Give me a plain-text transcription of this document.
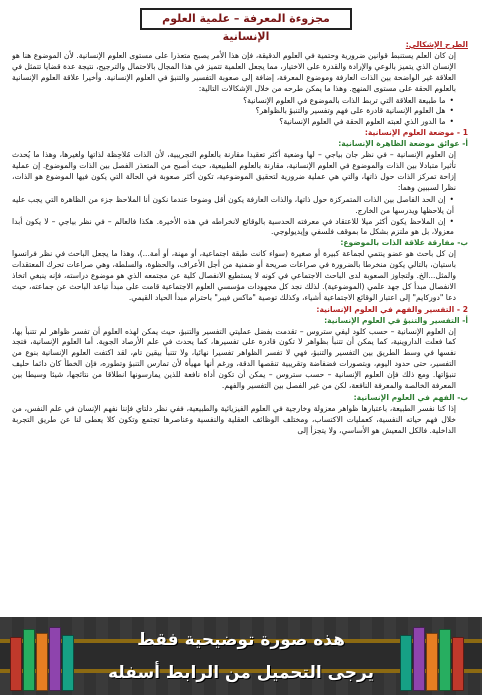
مجزوءة المعرفة – علمية العلوم الإنسانية
الطرح الإشكالي:

إن كان العلم يستنبط قوانين ضرورية وحتمية في العلوم الدقيقة، فإن هذا الأمر يصبح متعذرا على مستوى العلوم الإنسانية. لأن الموضوع هنا هو الإنسان الذي يتميز بالوعي والإرادة والقدرة على الاختيار، مما يجعل العلمية تتميز في هذا المجال بالاحتمال والترجيح، نتيجة عدة قضايا تتمثل في العلاقة غير الواضحة بين الذات العارفة وموضوع المعرفة، إضافة إلى صعوبة التفسير والتنبؤ في العلوم الإنسانية. وأخيرا علاقة العلوم الإنسانية بالعلوم الحقة على مستوى المنهج. وهذا ما يمكن طرحه من خلال الإشكالات التالية:

• ما طبيعة العلاقة التي تربط الذات بالموضوع في العلوم الإنسانية؟
• هل العلوم الإنسانية قادرة على فهم وتفسير والتنبؤ بالظواهر؟
• ما الدور الذي لعبته العلوم الحقة في العلوم الإنسانية؟
1 - موضعة العلوم الإنسانية:
أ- عوائق موضعة الظاهرة الإنسانية:

إن العلوم الإنسانية – في نظر جان بياجي – لها وضعية أكثر تعقيدا مقارنة بالعلوم التجريبية، لأن الذات مُلاحِظة لذاتها ولغيرها، وهذا ما يُحدث تأثيرا متبادلا بين الذات والموضوع في العلوم الإنسانية، مقارنة بالعلوم الطبيعية، حيث أصبح من المتعذر الفصل بين الذات والموضوع. إن عملية إزاحة تمركز الذات حول ذاتها، والتي هي عملية ضرورية لتحقيق الموضوعية، تكون أكثر صعوبة في الحالة التي يكون فيها الموضوع هو الذات، نظرا لسببين وهما:

• إن الحد الفاصل بين الذات المتمركزة حول ذاتها، والذات العارفة يكون أقل وضوحا عندما نكون أنا الملاحظ جزء من الظاهرة التي يجب عليه أن يلاحظها ويدرسها من الخارج.
• إن الملاحظ يكون أكثر ميلا للاعتقاد في معرفته الحدسية بالوقائع لانخراطه في هذه الأخيرة. هكذا فالعالم – في نظر بياجي – لا يكون أبدا معزولا، بل هو ملتزم بشكل ما بموقف فلسفي وإيديولوجي.
ب- مفارقة علاقة الذات بالموضوع:

إن كل باحث هو عضو ينتمي لجماعة كبيرة أو صغيرة (سواء كانت طبقة اجتماعية، أو مهنة، أو أمة...)، وهذا ما يجعل الباحث في نظر فرانسوا باستيان، بالتالي يكون منخرطا بالضرورة في صراعات صريحة أو ضمنية من أجل الأعراف، والحظوة، والسلطة، وهي صراعات تحرك المعتقدات والمثل...الخ. ولتجاوز الصعوبة لدى الباحث الاجتماعي في كونه لا يستطيع الانفصال كلية عن مجتمعه الذي هو موضوع دراسته، فإنه ينبغي اتخاذ الانفصال مبدأ كل جهد علمي (الموضوعية). لذلك نجد كل مجهودات مؤسسي العلوم الاجتماعية قامت على مبدأ تباعد الباحث عن جماعته، حيث دعا "دوركايم" إلى اعتبار الوقائع الاجتماعية أشياء، وكذلك توصية "ماكس فيبر" باحترام مبدأ الحياد القيمي.

2 - التفسير والفهم في العلوم الإنسانية:
أ- التفسير والتنبؤ في العلوم الإنسانية:

إن العلوم الإنسانية – حسب كلود ليفي ستروس – تقدمت بفضل عمليتي التفسير والتنبؤ، حيث يمكن لهذه العلوم أن تفسر ظواهر لم تتنبأ بها، كما فعلت الداروينية، كما يمكن أن تتنبأ بظواهر لا تكون قادرة على تفسيرها، كما يحدث في علم الأرصاد الجوية. أما العلوم الإنسانية، فتجد نفسها في وسط الطريق بين التفسير والتنبؤ، فهي لا تفسر الظواهر تفسيرا نهائيا، ولا تتنبأ بيقين تام، لقد اكتفت العلوم الإنسانية بنوع من التفسير، حتى حدود اليوم، وبتصورات فضفاضة وتقريبية تنقصها الدقة، ورغم أنها مهيأة لأن تمارس التنبؤ وتطوره، فإن الخطأ كان دائما حليف تنبؤاتها. ومع ذلك فإن العلوم الإنسانية – حسب ستروس – يمكن أن تكون أداة نافعة للذين يمارسونها انطلاقا من نتائجها، شيئا وسيطا بين المعرفة الخالصة والمعرفة النافعة، لكن من غير الفصل بين التفسير والفهم.

ب- الفهم في العلوم الإنسانية:

إذا كنا نفسر الطبيعة، باعتبارها ظواهر معزولة وخارجية في العلوم الفيزيائية والطبيعية، ففي نظر دلتاي فإننا نفهم الإنسان في علم النفس، من خلال فهم حياته النفسية، كعمليات الاكتساب، ومختلف الوظائف العقلية والنفسية وعناصرها تجتمع وتكون كلا يعطى لنا عن طريق التجربة الداخلية. فالكل المعيش هو الأساسي، ولا يتجزأ إلى

هذه صورة توضيحية فقط
يرجى التحميل من الرابط أسفله
